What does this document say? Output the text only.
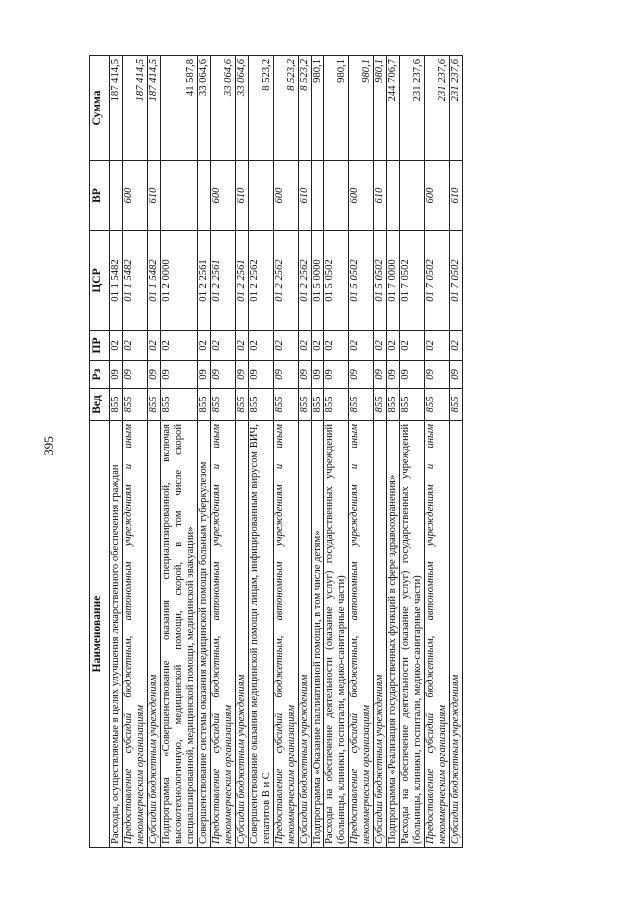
395
Наименование	Вед	Рз	ПР	ЦСР	ВР	Сумма
Расходы, осуществляемые в целях улучшения лекарственного обеспечения граждан	855	09	02	01 1 5482		187 414,5
Предоставление субсидий бюджетным, автономным учреждениям и иным некоммерческим организациям	855	09	02	01 1 5482	600	187 414,5
Субсидии бюджетным учреждениям	855	09	02	01 1 5482	610	187 414,5
Подпрограмма «Совершенствование оказания специализированной, включая высокотехнологичную, медицинской помощи, скорой, в том числе скорой специализированной, медицинской помощи, медицинской эвакуации»	855	09	02	01 2 0000		41 587,8
Совершенствование системы оказания медицинской помощи больным туберкулезом	855	09	02	01 2 2561		33 064,6
Предоставление субсидий бюджетным, автономным учреждениям и иным некоммерческим организациям	855	09	02	01 2 2561	600	33 064,6
Субсидии бюджетным учреждениям	855	09	02	01 2 2561	610	33 064,6
Совершенствование оказания медицинской помощи лицам, инфицированным вирусом ВИЧ, гепатитов B и C	855	09	02	01 2 2562		8 523,2
Предоставление субсидий бюджетным, автономным учреждениям и иным некоммерческим организациям	855	09	02	01 2 2562	600	8 523,2
Субсидии бюджетным учреждениям	855	09	02	01 2 2562	610	8 523,2
Подпрограмма «Оказание паллиативной помощи, в том числе детям»	855	09	02	01 5 0000		980,1
Расходы на обеспечение деятельности (оказание услуг) государственных учреждений (больницы, клиники, госпитали, медико-санитарные части)	855	09	02	01 5 0502		980,1
Предоставление субсидий бюджетным, автономным учреждениям и иным некоммерческим организациям	855	09	02	01 5 0502	600	980,1
Субсидии бюджетным учреждениям	855	09	02	01 5 0502	610	980,1
Подпрограмма «Реализация государственных функций в сфере здравоохранения»	855	09	02	01 7 0000		244 706,7
Расходы на обеспечение деятельности (оказание услуг) государственных учреждений (больницы, клиники, госпитали, медико-санитарные части)	855	09	02	01 7 0502		231 237,6
Предоставление субсидий бюджетным, автономным учреждениям и иным некоммерческим организациям	855	09	02	01 7 0502	600	231 237,6
Субсидии бюджетным учреждениям	855	09	02	01 7 0502	610	231 237,6
